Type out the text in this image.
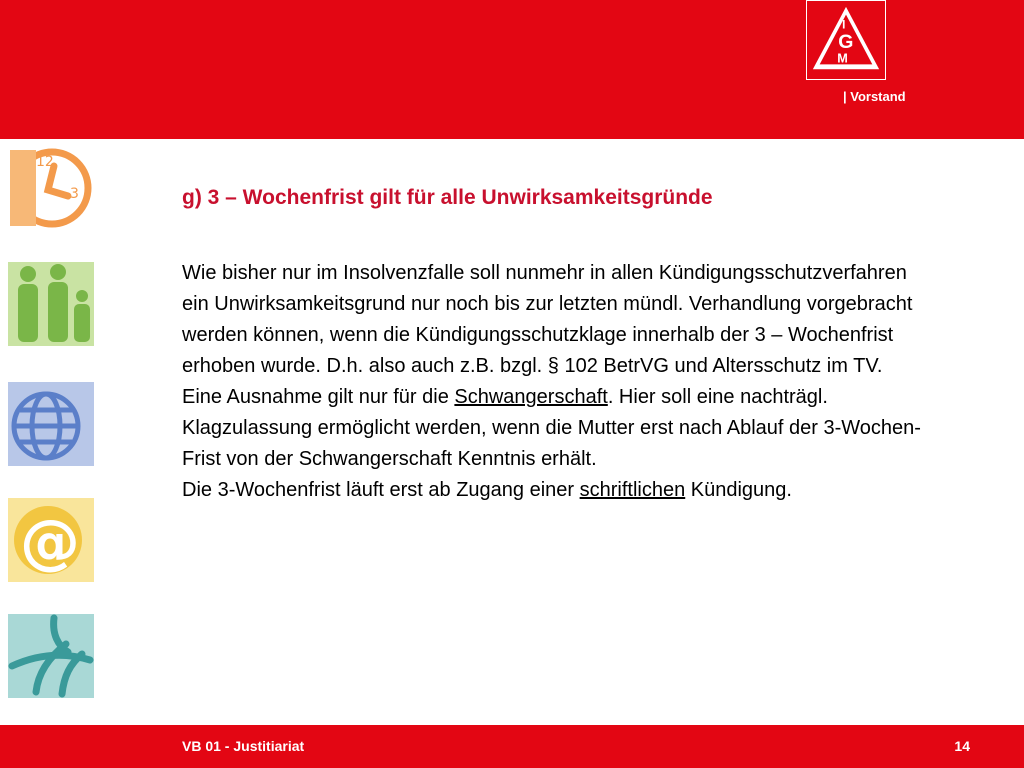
I
G
M
| Vorstand
12
3
@
g) 3 – Wochenfrist gilt für alle Unwirksamkeitsgründe

Wie bisher nur im Insolvenzfalle soll nunmehr in allen Kündigungsschutzverfahren ein Unwirksamkeitsgrund nur noch bis zur letzten mündl. Verhandlung vorgebracht werden können, wenn die Kündigungsschutzklage innerhalb der 3 – Wochenfrist erhoben wurde. D.h. also auch z.B. bzgl. § 102 BetrVG und Altersschutz im TV.

Eine Ausnahme gilt nur für die Schwangerschaft. Hier soll eine nachträgl. Klagzulassung ermöglicht werden, wenn die Mutter erst nach Ablauf der 3-Wochen-Frist von der Schwangerschaft Kenntnis erhält.

Die 3-Wochenfrist läuft erst ab Zugang einer schriftlichen Kündigung.

VB 01 - Justitiariat	14
